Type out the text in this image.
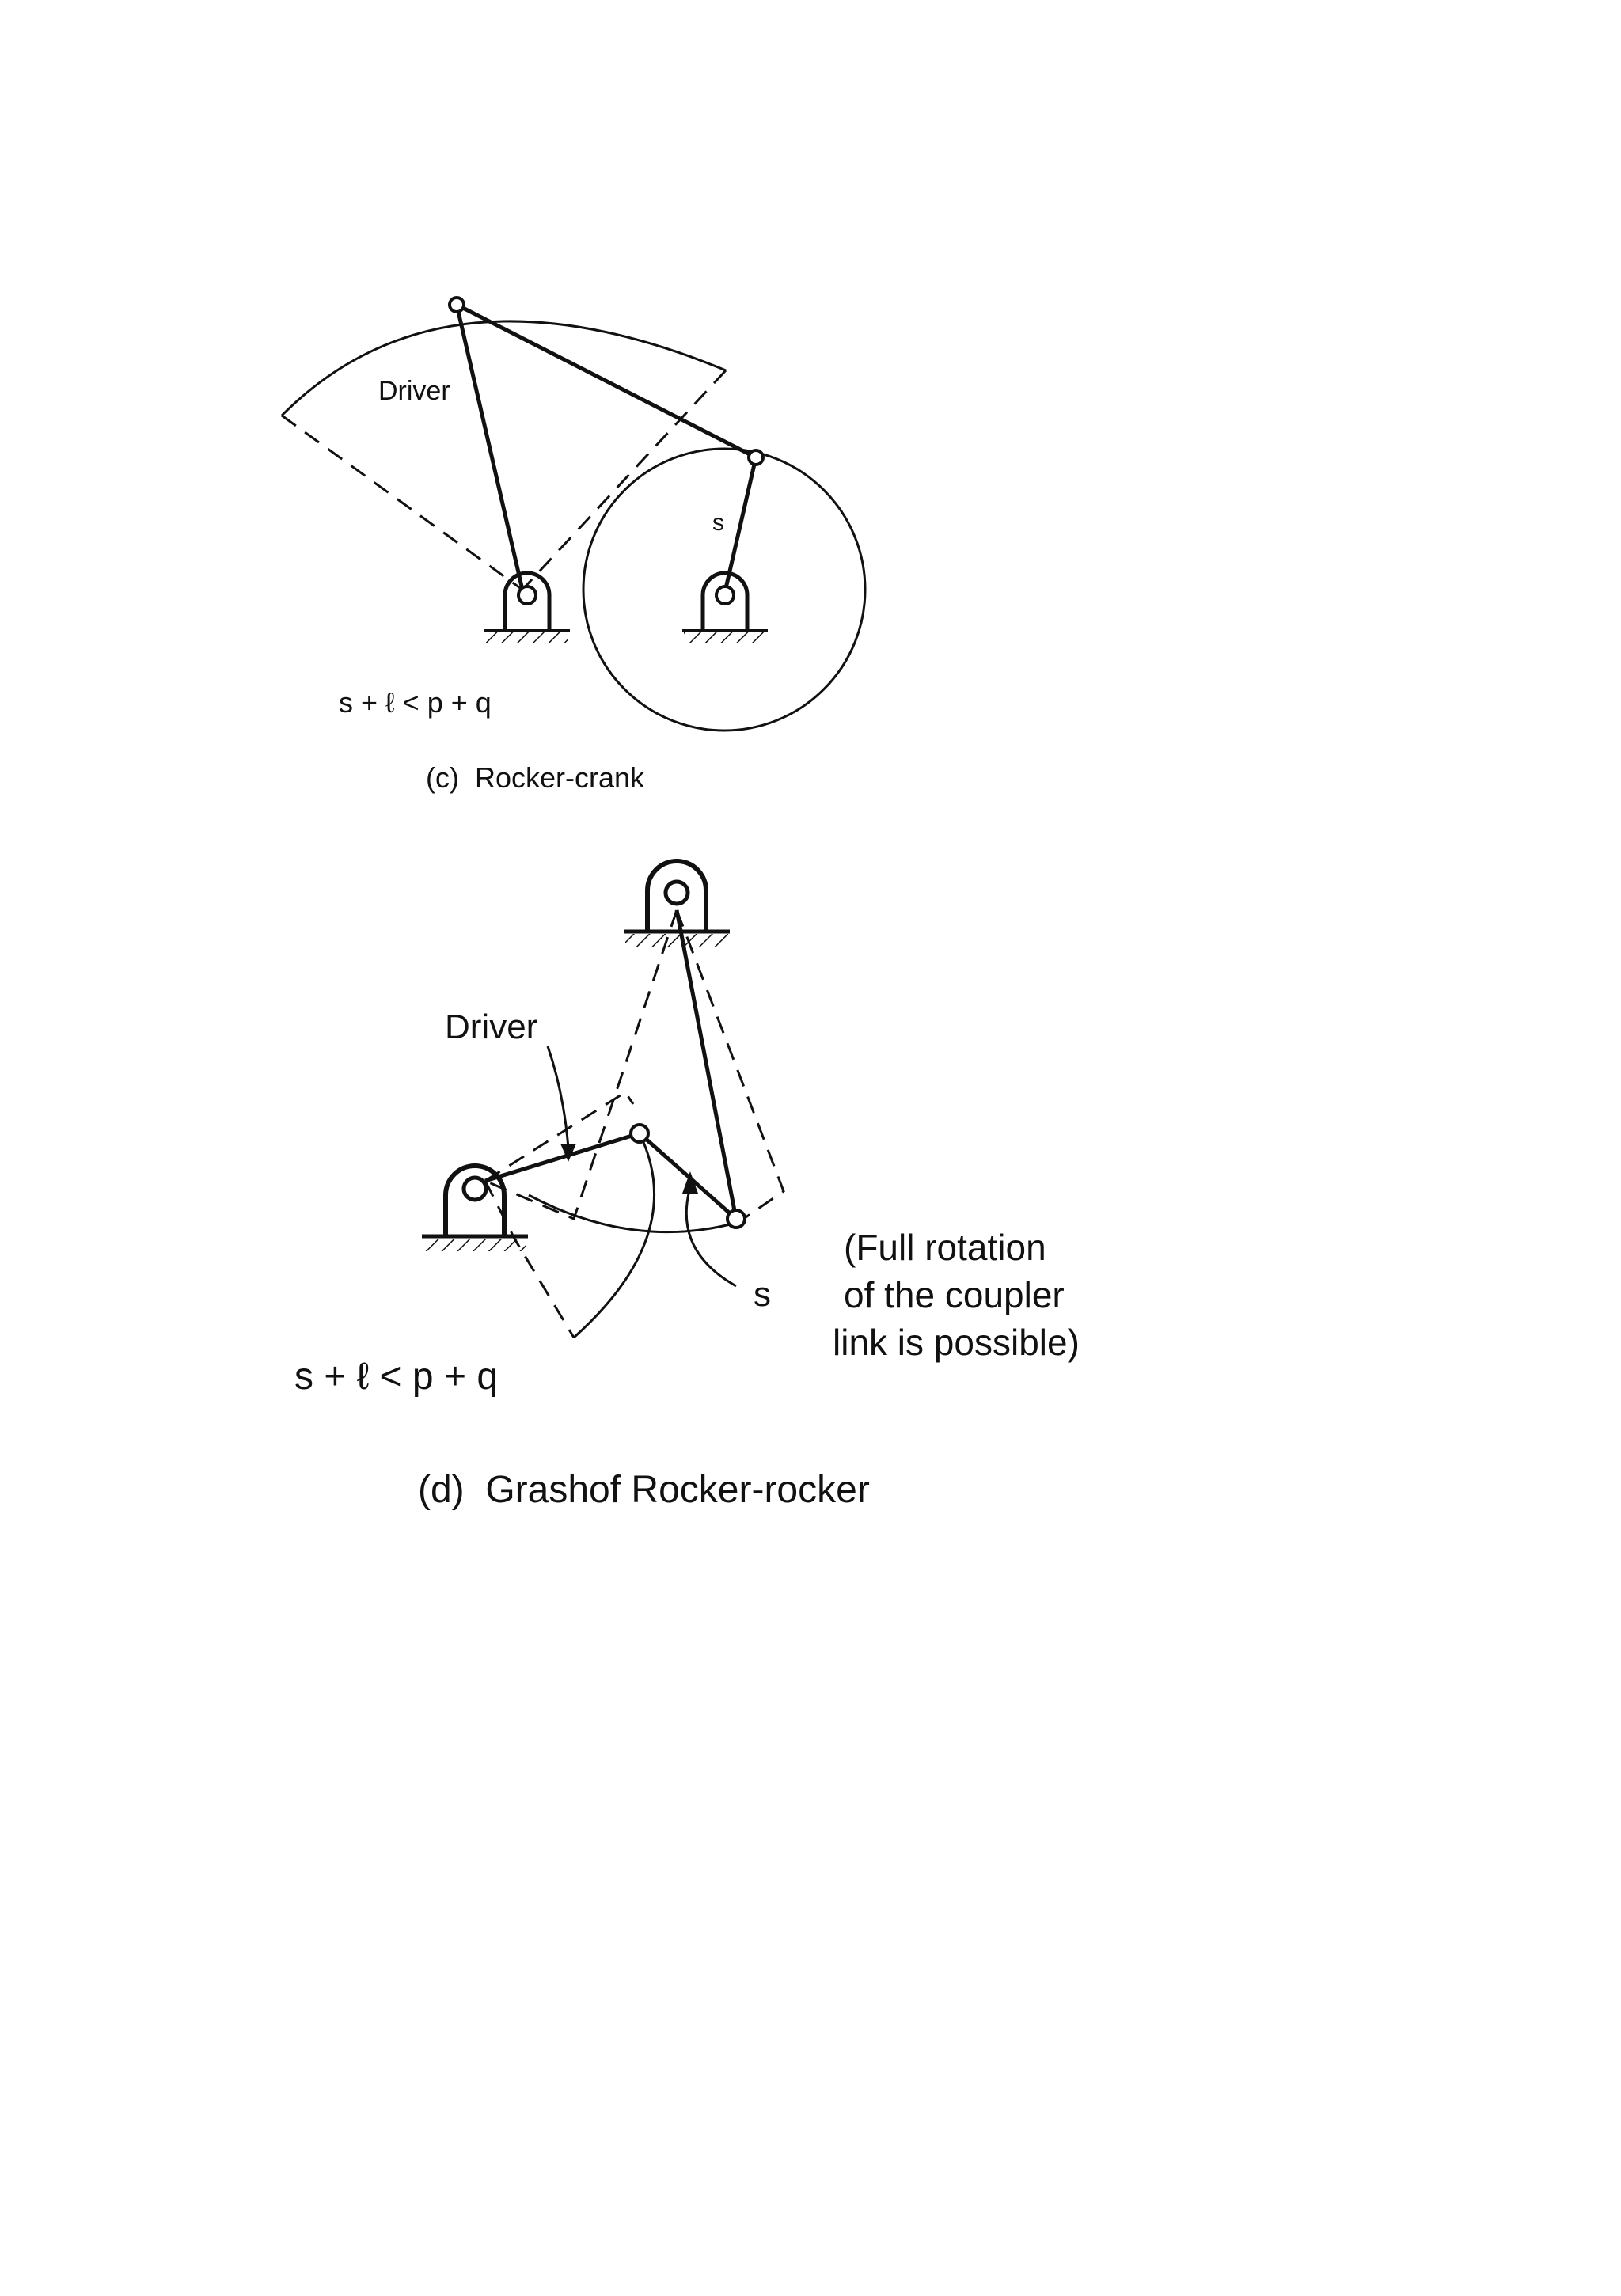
Driver
s
s + ℓ < p + q
(c)  Rocker-crank
Driver
s
s + ℓ < p + q
(Full rotation
of the coupler
link is possible)
(d)  Grashof Rocker-rocker
